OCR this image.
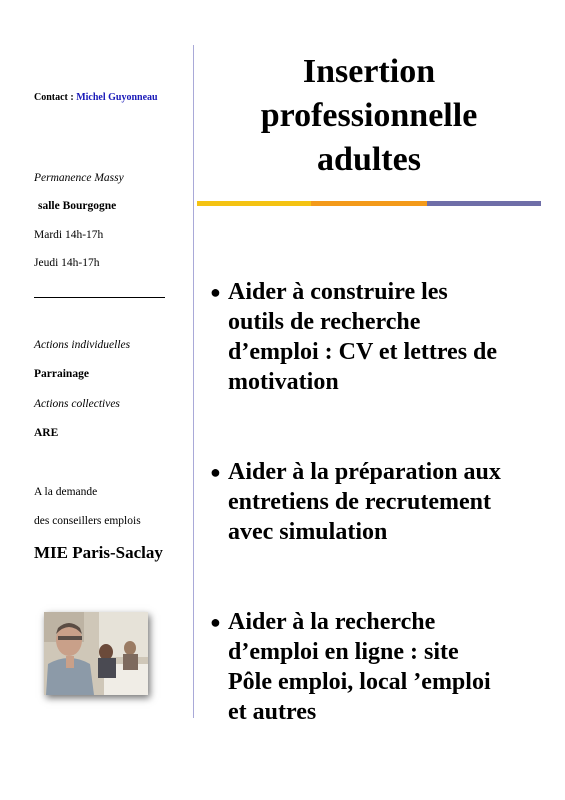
Contact : Michel Guyonneau
Permanence Massy
salle Bourgogne
Mardi 14h-17h
Jeudi 14h-17h
Actions individuelles
Parrainage
Actions collectives
ARE
A la demande
des conseillers emplois
MIE Paris-Saclay
Insertion
professionnelle
adultes
● Aider à construire les
outils de recherche
d’emploi : CV et lettres de
motivation
● Aider à la préparation aux
entretiens de recrutement
avec simulation
● Aider à la recherche
d’emploi en ligne : site
Pôle emploi, local ’emploi
et autres
